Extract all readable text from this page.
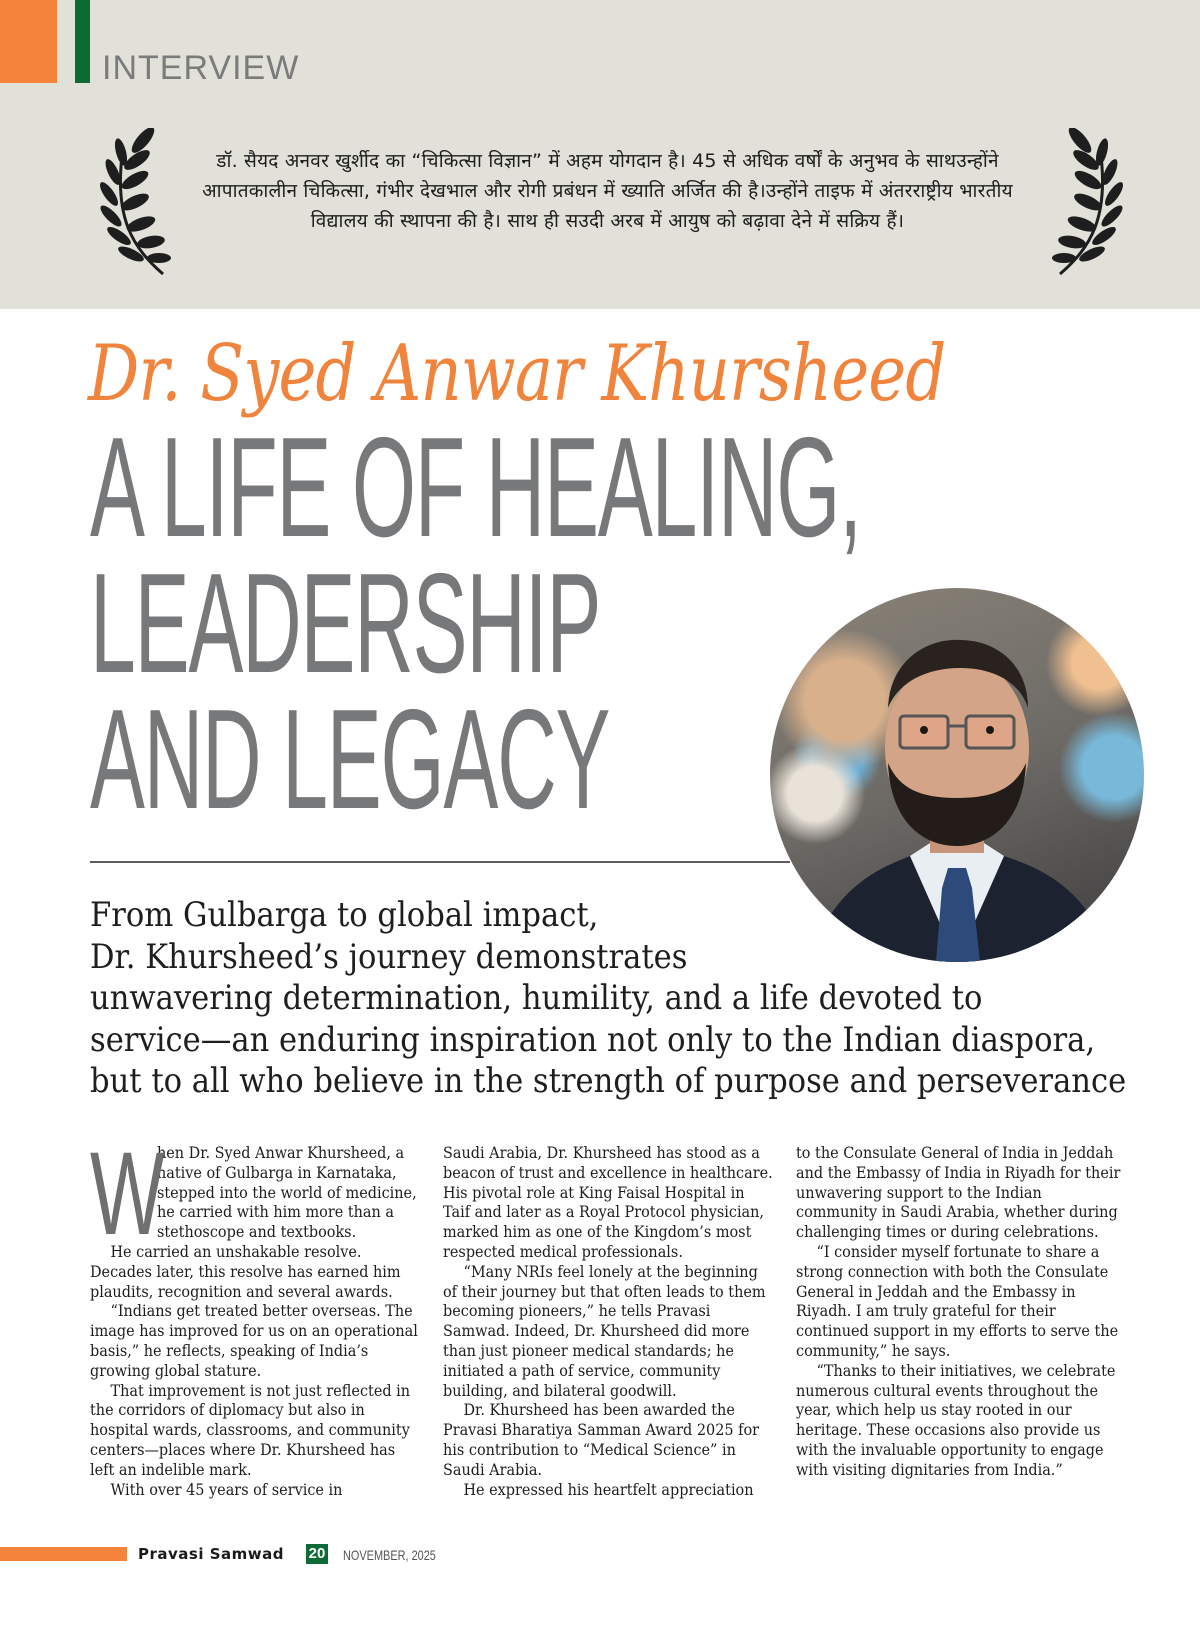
INTERVIEW
डॉ. सैयद अनवर खुर्शीद का “चिकित्सा विज्ञान” में अहम योगदान है। 45 से अधिक वर्षों के अनुभव के साथउन्होंने आपातकालीन चिकित्सा, गंभीर देखभाल और रोगी प्रबंधन में ख्याति अर्जित की है।उन्होंने ताइफ में अंतरराष्ट्रीय भारतीय विद्यालय की स्थापना की है। साथ ही सउदी अरब में आयुष को बढ़ावा देने में सक्रिय हैं।
Dr. Syed Anwar Khursheed
A LIFE OF HEALING,
LEADERSHIP
AND LEGACY
From Gulbarga to global impact,
Dr. Khursheed’s journey demonstrates
unwavering determination, humility, and a life devoted to
service—an enduring inspiration not only to the Indian diaspora,
but to all who believe in the strength of purpose and perseverance

W
hen Dr. Syed Anwar Khursheed, a native of Gulbarga in Karnataka, stepped into the world of medicine, he carried with him more than a stethoscope and textbooks.

He carried an unshakable resolve. Decades later, this resolve has earned him plaudits, recognition and several awards.

“Indians get treated better overseas. The image has improved for us on an operational basis,” he reflects, speaking of India’s growing global stature.

That improvement is not just reflected in the corridors of diplomacy but also in hospital wards, classrooms, and community centers—places where Dr. Khursheed has left an indelible mark.

With over 45 years of service in

Saudi Arabia, Dr. Khursheed has stood as a beacon of trust and excellence in healthcare. His pivotal role at King Faisal Hospital in Taif and later as a Royal Protocol physician, marked him as one of the Kingdom’s most respected medical professionals.

“Many NRIs feel lonely at the beginning of their journey but that often leads to them becoming pioneers,” he tells Pravasi Samwad. Indeed, Dr. Khursheed did more than just pioneer medical standards; he initiated a path of service, community building, and bilateral goodwill.

Dr. Khursheed has been awarded the Pravasi Bharatiya Samman Award 2025 for his contribution to “Medical Science” in Saudi Arabia.

He expressed his heartfelt appreciation

to the Consulate General of India in Jeddah and the Embassy of India in Riyadh for their unwavering support to the Indian community in Saudi Arabia, whether during challenging times or during celebrations.

“I consider myself fortunate to share a strong connection with both the Consulate General in Jeddah and the Embassy in Riyadh. I am truly grateful for their continued support in my efforts to serve the community,” he says.

“Thanks to their initiatives, we celebrate numerous cultural events throughout the year, which help us stay rooted in our heritage. These occasions also provide us with the invaluable opportunity to engage with visiting dignitaries from India.”

Pravasi Samwad 20 NOVEMBER, 2025
